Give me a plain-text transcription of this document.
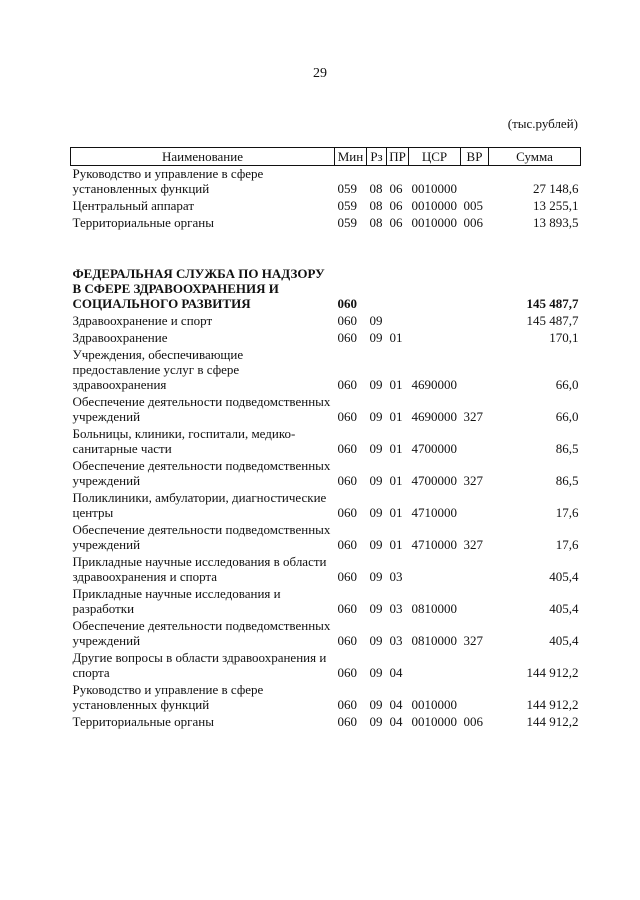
29
(тыс.рублей)
Наименование	Мин	Рз	ПР	ЦСР	ВР	Сумма
Руководство и управление в сфере установленных функций	059	08	06	0010000		27 148,6
Центральный аппарат	059	08	06	0010000	005	13 255,1
Территориальные органы	059	08	06	0010000	006	13 893,5
ФЕДЕРАЛЬНАЯ СЛУЖБА ПО НАДЗОРУ В СФЕРЕ ЗДРАВООХРАНЕНИЯ И СОЦИАЛЬНОГО РАЗВИТИЯ	060					145 487,7
Здравоохранение и спорт	060	09				145 487,7
Здравоохранение	060	09	01			170,1
Учреждения, обеспечивающие предоставление услуг в сфере здравоохранения	060	09	01	4690000		66,0
Обеспечение деятельности подведомственных учреждений	060	09	01	4690000	327	66,0
Больницы, клиники, госпитали, медико-санитарные части	060	09	01	4700000		86,5
Обеспечение деятельности подведомственных учреждений	060	09	01	4700000	327	86,5
Поликлиники, амбулатории, диагностические центры	060	09	01	4710000		17,6
Обеспечение деятельности подведомственных учреждений	060	09	01	4710000	327	17,6
Прикладные научные исследования в области здравоохранения и спорта	060	09	03			405,4
Прикладные научные исследования и разработки	060	09	03	0810000		405,4
Обеспечение деятельности подведомственных учреждений	060	09	03	0810000	327	405,4
Другие вопросы в области здравоохранения и спорта	060	09	04			144 912,2
Руководство и управление в сфере установленных функций	060	09	04	0010000		144 912,2
Территориальные органы	060	09	04	0010000	006	144 912,2
